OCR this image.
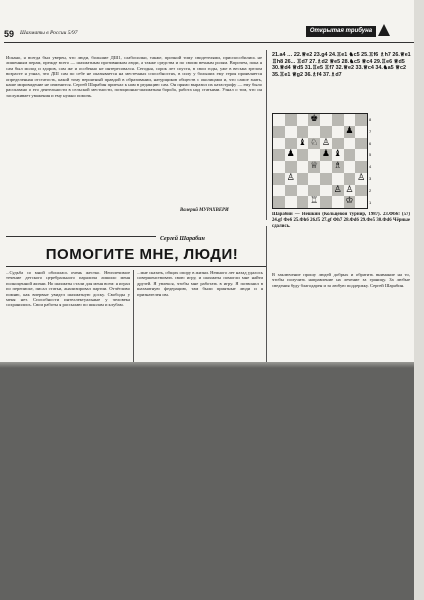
59 Шахматы в России 5/97	Открытая трибуна
Искано, я всегда был уверен, что люди, большие ДШ1, слабосилки, также, прочной тому свидетелями, приспособились не лишенным перам, прежде всего — шахматным противникам люди, а также средства и по своим вечным ролям. Впрочем, пока я сам был молод и здоров, сам же и особенно не интересовался. Сегодня, сорок лет спустя, в свои годы, уже в весьма зрелом возрасте я узнал, что ДШ сам по себе не оказывается на местечных способностях, в силу у больших ему героя проявляется определенная отстатость, какой тому вероятный правдой в образовании, натурщиков обществ с околицами и, что самое знать, наше мировидение не изменится. Сергей Шарабин приехал к нам в редакцию сам. Он прямо выразил их катастрофу — ему было рассказано о его деятельности в сельской местности, позиционно-шахматная борьба, работа над статьями. Узнал о том, что он заслуживает уважения и ему нужно помочь.
Валерий МУРАХВЕРИ
21.a4 … 22.♕e2 23.g4 24.♖e1 ♞c5 25.♖f6 ♗h7 26.♕e1 ♖h8 26... ♖d7 27.♗d2 ♕e5 28.♞c5 ♕c4 29.♖e6 ♕d5 30.♕d4 ♕d5 31.♖e5 ♖f7 32.♕e2 33.♕c4 34.♞a5 ♕c2 35.♖e1 ♕g2 36.♗f4 37.♗d7
♚
♟
♝ ♘ ♙
♟	♟ ♝
♕ ♗
♙	♙
♙ ♙
♖	♔
8
7
6
5
4
3
2
1
Шарабин — Нешкин (Кольцевой турнир, 1987). 23.Фb6! (57) 24.gf Фe6 25.Фh6 26.f5 27.gf Фh7 28.Фd6 29.Фe5 30.Фd6 Чёрные сдались.
Сергей Шарабин
ПОМОГИТЕ МНЕ, ЛЮДИ!
...Судьба со мной обошлась очень жестко. Неизлечимое течение детского церебрального паралича лишило меня полноценной жизни. Но шахматы стали для меня всем: я играл по переписке, писал статьи, анализировал партии. Отчётливо помню, как впервые увидел шахматную доску. Свободы у меня нет. Способности интеллектуальные у человека сохранились. Свои работы я рассылаю по школам и клубам.
...мне сказать, общих опору в жизни. Немного лет назад удалось совершенствовать свою игру, и шахматы помогли мне найти друзей. Я увлекся, чтобы мне работать в игру. Я позвонил в шахматную федерацию, там были приятные люди и я признателен им.
В заключение прошу людей добрых и обратить внимание на то, чтобы получить направление на лечение за границу. За любые сведения буду благодарен и за любую поддержку. Сергей Шарабин.
